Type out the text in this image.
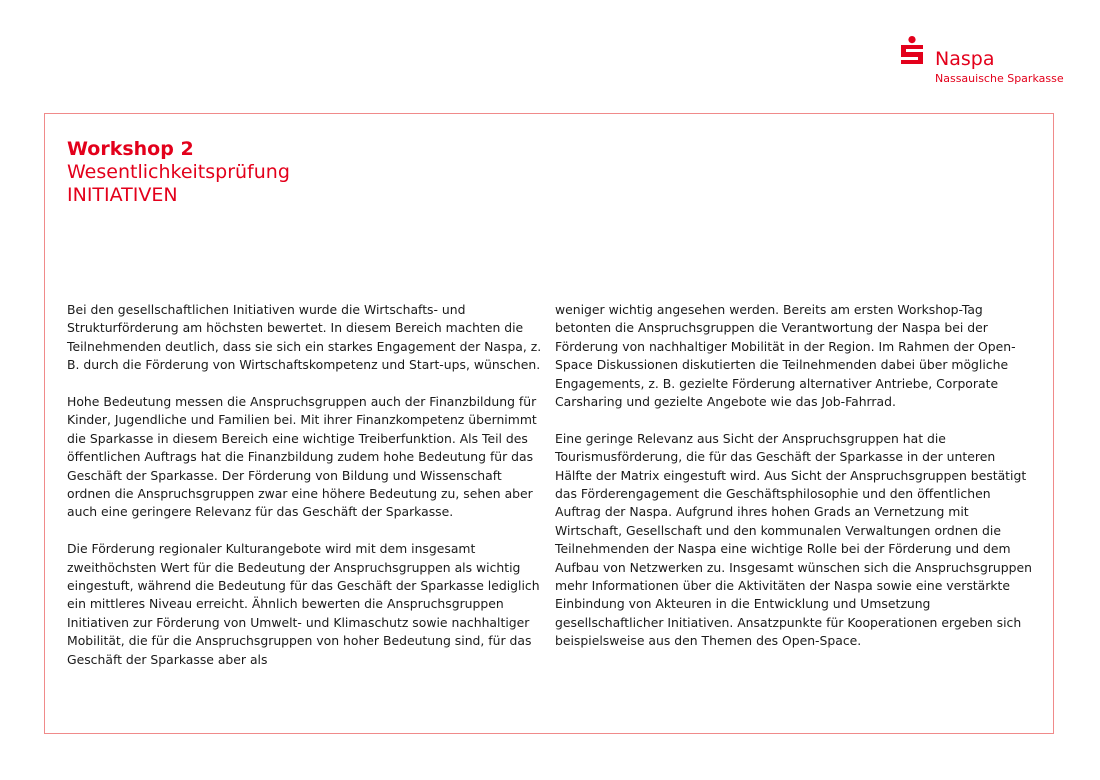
Naspa
Nassauische Sparkasse
Workshop 2
Wesentlichkeitsprüfung
INITIATIVEN

Bei den gesellschaftlichen Initiativen wurde die Wirtschafts- und Strukturförderung am höchsten bewertet. In diesem Bereich machten die Teilnehmenden deutlich, dass sie sich ein starkes Engagement der Naspa, z. B. durch die Förderung von Wirtschaftskompetenz und Start-ups, wünschen.

Hohe Bedeutung messen die Anspruchsgruppen auch der Finanzbildung für Kinder, Jugendliche und Familien bei. Mit ihrer Finanzkompetenz übernimmt die Sparkasse in diesem Bereich eine wichtige Treiberfunktion. Als Teil des öffentlichen Auftrags hat die Finanzbildung zudem hohe Bedeutung für das Geschäft der Sparkasse. Der Förderung von Bildung und Wissenschaft ordnen die Anspruchsgruppen zwar eine höhere Bedeutung zu, sehen aber auch eine geringere Relevanz für das Geschäft der Sparkasse.

Die Förderung regionaler Kulturangebote wird mit dem insgesamt zweithöchsten Wert für die Bedeutung der Anspruchsgruppen als wichtig eingestuft, während die Bedeutung für das Geschäft der Sparkasse lediglich ein mittleres Niveau erreicht. Ähnlich bewerten die Anspruchsgruppen Initiativen zur Förderung von Umwelt- und Klimaschutz sowie nachhaltiger Mobilität, die für die Anspruchsgruppen von hoher Bedeutung sind, für das Geschäft der Sparkasse aber als

weniger wichtig angesehen werden. Bereits am ersten Workshop-Tag betonten die Anspruchsgruppen die Verantwortung der Naspa bei der Förderung von nachhaltiger Mobilität in der Region. Im Rahmen der Open-Space Diskussionen diskutierten die Teilnehmenden dabei über mögliche Engagements, z. B. gezielte Förderung alternativer Antriebe, Corporate Carsharing und gezielte Angebote wie das Job-Fahrrad.

Eine geringe Relevanz aus Sicht der Anspruchsgruppen hat die Tourismusförderung, die für das Geschäft der Sparkasse in der unteren Hälfte der Matrix eingestuft wird. Aus Sicht der Anspruchsgruppen bestätigt das Förderengagement die Geschäftsphilosophie und den öffentlichen Auftrag der Naspa. Aufgrund ihres hohen Grads an Vernetzung mit Wirtschaft, Gesellschaft und den kommunalen Verwaltungen ordnen die Teilnehmenden der Naspa eine wichtige Rolle bei der Förderung und dem Aufbau von Netzwerken zu. Insgesamt wünschen sich die Anspruchsgruppen mehr Informationen über die Aktivitäten der Naspa sowie eine verstärkte Einbindung von Akteuren in die Entwicklung und Umsetzung gesellschaftlicher Initiativen. Ansatzpunkte für Kooperationen ergeben sich beispielsweise aus den Themen des Open-Space.
